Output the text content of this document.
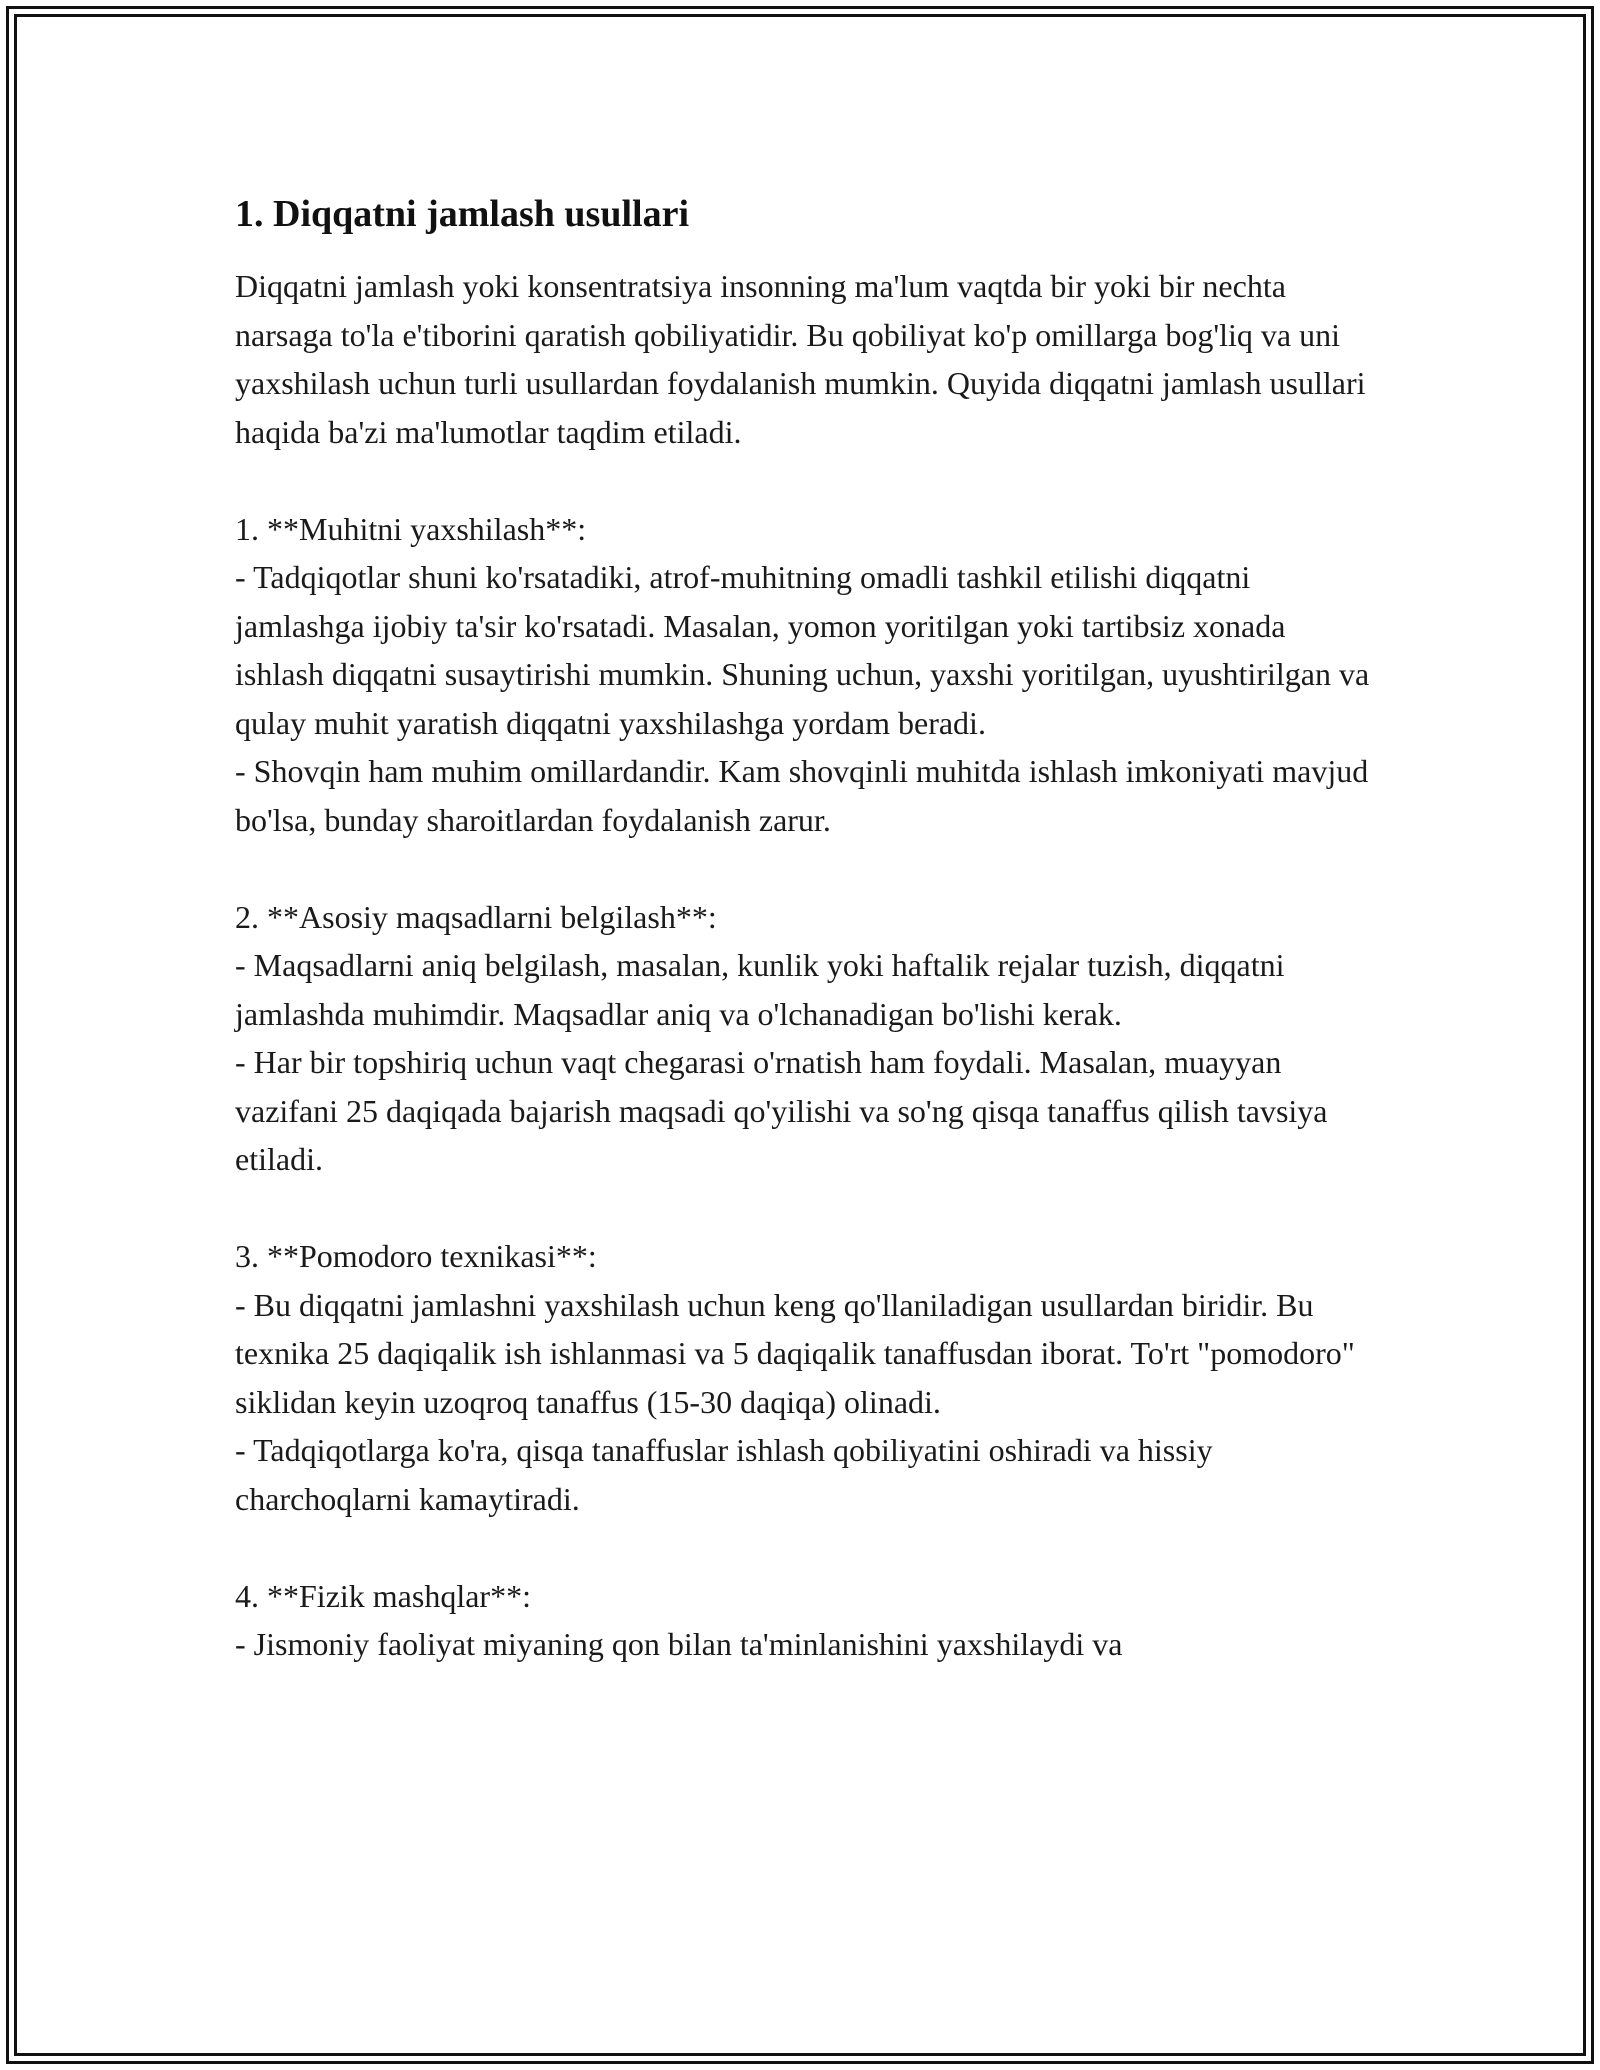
1. Diqqatni jamlash usullari

Diqqatni jamlash yoki konsentratsiya insonning ma'lum vaqtda bir yoki bir nechta narsaga to'la e'tiborini qaratish qobiliyatidir. Bu qobiliyat ko'p omillarga bog'liq va uni yaxshilash uchun turli usullardan foydalanish mumkin. Quyida diqqatni jamlash usullari haqida ba'zi ma'lumotlar taqdim etiladi.

1. **Muhitni yaxshilash**:

- Tadqiqotlar shuni ko'rsatadiki, atrof-muhitning omadli tashkil etilishi diqqatni jamlashga ijobiy ta'sir ko'rsatadi. Masalan, yomon yoritilgan yoki tartibsiz xonada ishlash diqqatni susaytirishi mumkin. Shuning uchun, yaxshi yoritilgan, uyushtirilgan va qulay muhit yaratish diqqatni yaxshilashga yordam beradi.

- Shovqin ham muhim omillardandir. Kam shovqinli muhitda ishlash imkoniyati mavjud bo'lsa, bunday sharoitlardan foydalanish zarur.

2. **Asosiy maqsadlarni belgilash**:

- Maqsadlarni aniq belgilash, masalan, kunlik yoki haftalik rejalar tuzish, diqqatni jamlashda muhimdir. Maqsadlar aniq va o'lchanadigan bo'lishi kerak.

- Har bir topshiriq uchun vaqt chegarasi o'rnatish ham foydali. Masalan, muayyan vazifani 25 daqiqada bajarish maqsadi qo'yilishi va so'ng qisqa tanaffus qilish tavsiya etiladi.

3. **Pomodoro texnikasi**:

- Bu diqqatni jamlashni yaxshilash uchun keng qo'llaniladigan usullardan biridir. Bu texnika 25 daqiqalik ish ishlanmasi va 5 daqiqalik tanaffusdan iborat. To'rt "pomodoro" siklidan keyin uzoqroq tanaffus (15-30 daqiqa) olinadi.

- Tadqiqotlarga ko'ra, qisqa tanaffuslar ishlash qobiliyatini oshiradi va hissiy charchoqlarni kamaytiradi.

4. **Fizik mashqlar**:

- Jismoniy faoliyat miyaning qon bilan ta'minlanishini yaxshilaydi va
